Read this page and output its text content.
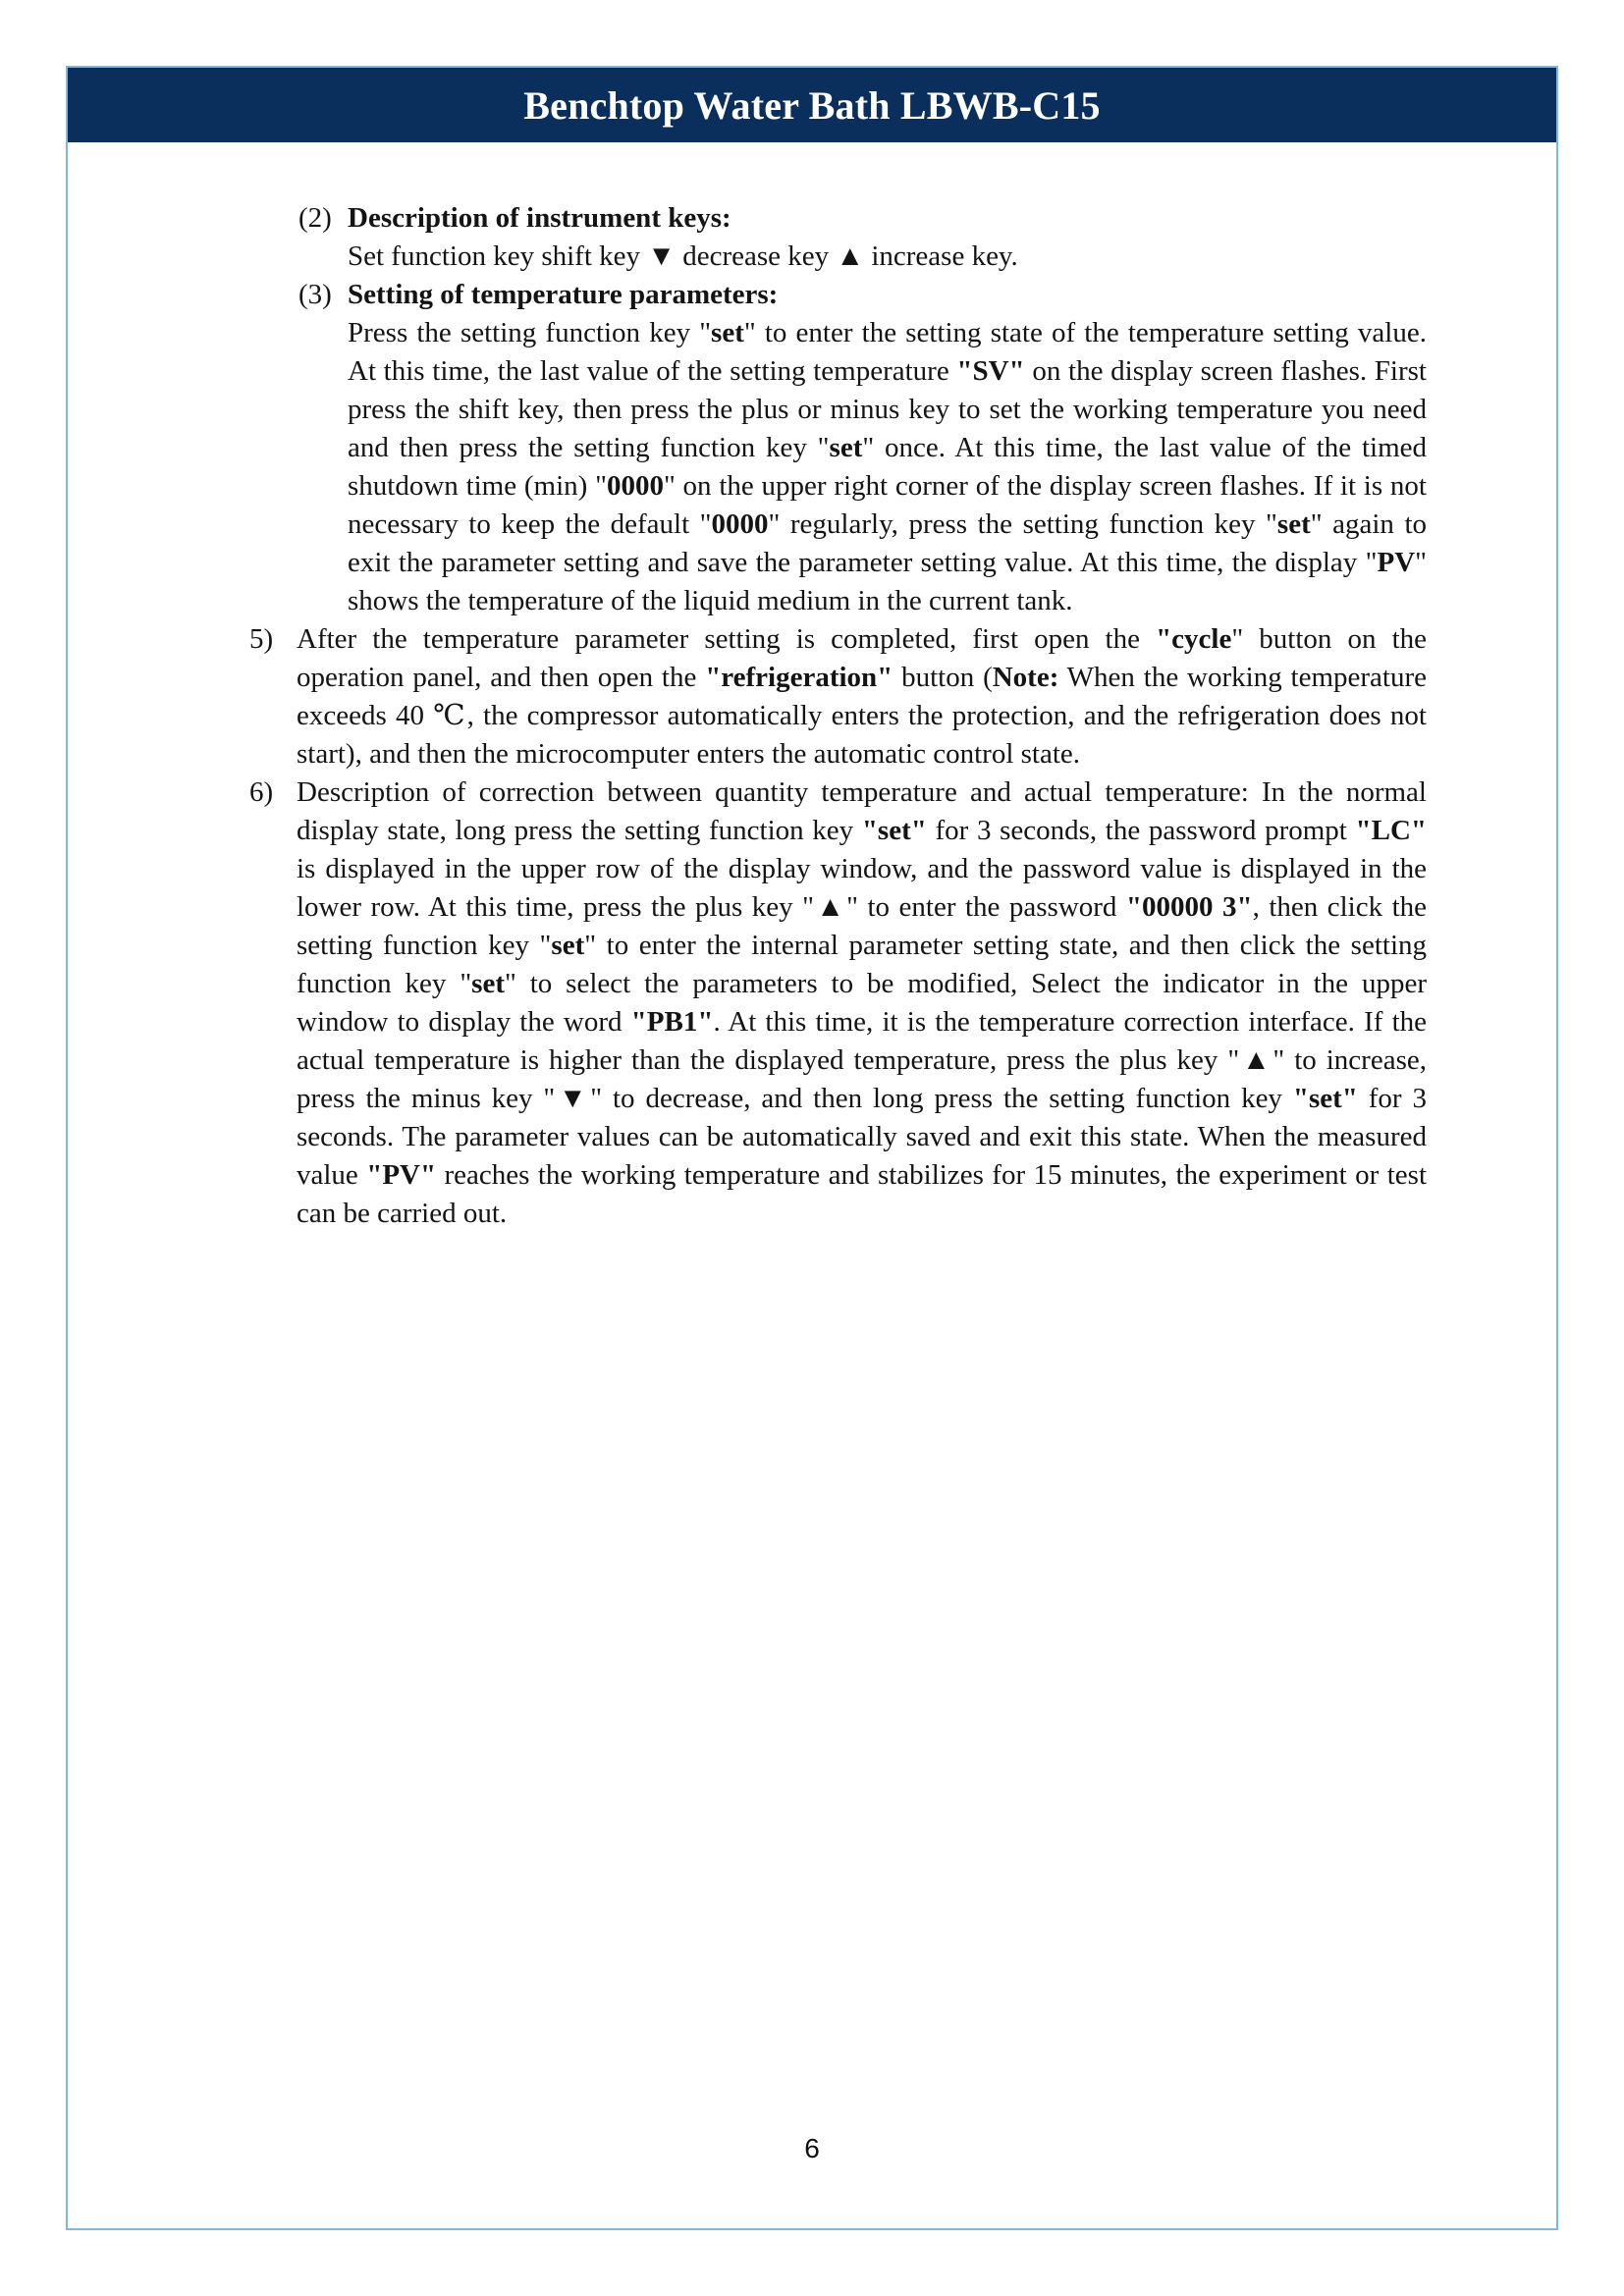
Benchtop Water Bath LBWB-C15
(2) Description of instrument keys:
Set function key shift key ▼ decrease key ▲ increase key.
(3) Setting of temperature parameters:
Press the setting function key "set" to enter the setting state of the temperature setting value. At this time, the last value of the setting temperature "SV" on the display screen flashes. First press the shift key, then press the plus or minus key to set the working temperature you need and then press the setting function key "set" once. At this time, the last value of the timed shutdown time (min) "0000" on the upper right corner of the display screen flashes. If it is not necessary to keep the default "0000" regularly, press the setting function key "set" again to exit the parameter setting and save the parameter setting value. At this time, the display "PV" shows the temperature of the liquid medium in the current tank.
5) After the temperature parameter setting is completed, first open the "cycle" button on the operation panel, and then open the "refrigeration" button (Note: When the working temperature exceeds 40 ℃, the compressor automatically enters the protection, and the refrigeration does not start), and then the microcomputer enters the automatic control state.
6) Description of correction between quantity temperature and actual temperature: In the normal display state, long press the setting function key "set" for 3 seconds, the password prompt "LC" is displayed in the upper row of the display window, and the password value is displayed in the lower row. At this time, press the plus key "▲" to enter the password "00000 3", then click the setting function key "set" to enter the internal parameter setting state, and then click the setting function key "set" to select the parameters to be modified, Select the indicator in the upper window to display the word "PB1". At this time, it is the temperature correction interface. If the actual temperature is higher than the displayed temperature, press the plus key "▲" to increase, press the minus key "▼" to decrease, and then long press the setting function key "set" for 3 seconds. The parameter values can be automatically saved and exit this state. When the measured value "PV" reaches the working temperature and stabilizes for 15 minutes, the experiment or test can be carried out.
6
